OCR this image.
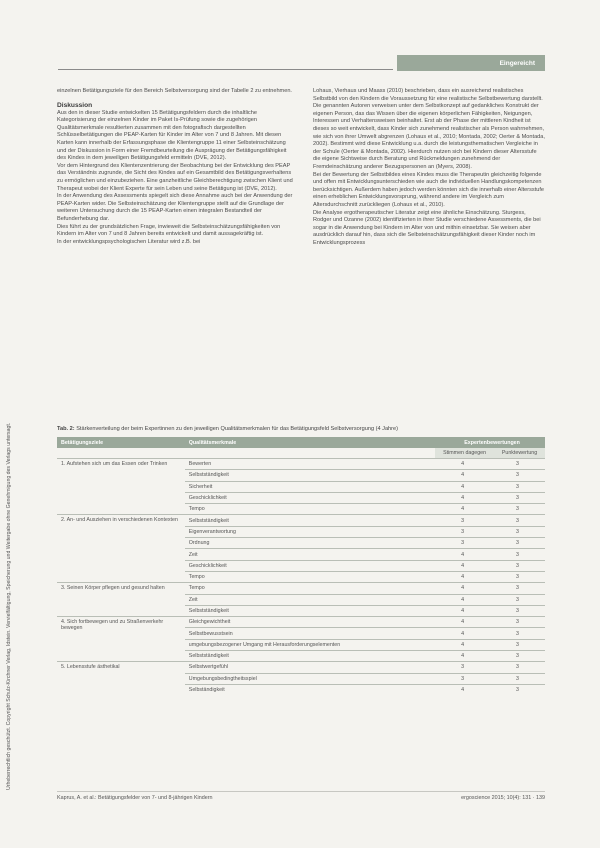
Urheberrechtlich geschützt. Copyright Schulz-Kirchner Verlag, Idstein. Vervielfältigung, Speicherung und Weitergabe ohne Genehmigung des Verlags untersagt.
Eingereicht

einzelnen Betätigungsziele für den Bereich Selbstversorgung sind der Tabelle 2 zu entnehmen.

Diskussion

Aus den in dieser Studie entwickelten 15 Betätigungsfeldern durch die inhaltliche Kategorisierung der einzelnen Kinder im Paket Is-Prüfung sowie die zugehörigen Qualitätsmerkmale resultierten zusammen mit den fotografisch dargestellten Schlüsselbetätigungen die PEAP-Karten für Kinder im Alter von 7 und 8 Jahren. Mit diesen Karten kann innerhalb der Erfassungsphase die Klientengruppe 11 einer Selbsteinschätzung und der Diskussion in Form einer Fremdbeurteilung die Ausprägung der Betätigungsfähigkeit des Kindes in dem jeweiligen Betätigungsfeld ermitteln (DVE, 2012).

Vor dem Hintergrund des Klientenzentrierung der Beobachtung bei der Entwicklung des PEAP das Verständnis zugrunde, die Sicht des Kindes auf ein Gesamtbild des Betätigungsverhaltens zu ermöglichen und einzubeziehen. Eine ganzheitliche Gleichberechtigung zwischen Klient und Therapeut wobei der Klient Experte für sein Leben und seine Betätigung ist (DVE, 2012).

In der Anwendung des Assessments spiegelt sich diese Annahme auch bei der Anwendung der PEAP-Karten wider. Die Selbsteinschätzung der Klientengruppe stellt auf die Grundlage der weiteren Untersuchung durch die 15 PEAP-Karten einen integralen Bestandteil der Befunderhebung dar.

Dies führt zu der grundsätzlichen Frage, inwieweit die Selbsteinschätzungsfähigkeiten von Kindern im Alter von 7 und 8 Jahren bereits entwickelt und damit aussagekräftig ist.

In der entwicklungspsychologischen Literatur wird z.B. bei

Lohaus, Vierhaus und Maass (2010) beschrieben, dass ein ausreichend realistisches Selbstbild von den Kindern die Voraussetzung für eine realistische Selbstbewertung darstellt. Die genannten Autoren verweisen unter dem Selbstkonzept auf gedankliches Konstrukt der eigenen Person, das das Wissen über die eigenen körperlichen Fähigkeiten, Neigungen, Interessen und Verhaltensweisen beinhaltet. Erst ab der Phase der mittleren Kindheit ist dieses so weit entwickelt, dass Kinder sich zunehmend realistischer als Person wahrnehmen, wie sich von ihrer Umwelt abgrenzen (Lohaus et al., 2010; Montada, 2002; Oerter & Montada, 2002). Bestimmt wird diese Entwicklung u.a. durch die leistungsthematischen Vergleiche in der Schule (Oerter & Montada, 2002). Hierdurch nutzen sich bei Kindern dieser Altersstufe die eigene Sichtweise durch Beratung und Rückmeldungen zunehmend der Fremdeinschätzung anderer Bezugspersonen an (Myers, 2008).

Bei der Bewertung der Selbstbildes eines Kindes muss die Therapeutin gleichzeitig folgende und offen mit Entwicklungsunterschieden wie auch die individuellen Handlungskompetenzen berücksichtigen. Außerdem haben jedoch werden könnten sich die innerhalb einer Altersstufe einen erheblichen Entwicklungsvorsprung, während andere im Vergleich zum Altersdurchschnitt zurückliegen (Lohaus et al., 2010).

Die Analyse ergotherapeutischer Literatur zeigt eine ähnliche Einschätzung. Sturgess, Rodger und Ozanne (2002) identifizierten in ihrer Studie verschiedene Assessments, die bei sogar in die Anwendung bei Kindern im Alter von und mithin einsetzbar. Sie weisen aber ausdrücklich darauf hin, dass sich die Selbsteinschätzungsfähigkeit dieser Kinder noch im Entwicklungsprozess

Tab. 2: Stärkenverteilung der beim Expertinnen zu den jeweiligen Qualitätsmerkmalen für das Betätigungsfeld Selbstversorgung (4 Jahre)
Betätigungsziele	Qualitätsmerkmale	Expertenbewertungen	
		Stimmen dagegen	Punktewertung
1. Aufstehen sich um das Essen oder Trinken	Bewerten	4	3
	Selbstständigkeit	4	3
	Sicherheit	4	3
	Geschicklichkeit	4	3
	Tempo	4	3
2. An- und Ausziehen in verschiedenen Kontexten	Selbstständigkeit	3	3
	Eigenverantwortung	3	3
	Ordnung	3	3
	Zeit	4	3
	Geschicklichkeit	4	3
	Tempo	4	3
3. Seinen Körper pflegen und gesund halten	Tempo	4	3
	Zeit	4	3
	Selbstständigkeit	4	3
4. Sich fortbewegen und zu Straßenverkehr bewegen	Gleichgewichtheit	4	3
	Selbstbewusstsein	4	3
	umgebungsbezogener Umgang mit Herausforderungselementen	4	3
	Selbstständigkeit	4	3
5. Lebensstufe ästhetikal	Selbstwertgefühl	3	3
	Umgebungsbedingtheitsspiel	3	3
	Selbständigkeit	4	3
Kaprus, A. et al.: Betätigungsfelder von 7- und 8-jährigen Kindern	ergoscience 2015; 10(4): 131 · 139
